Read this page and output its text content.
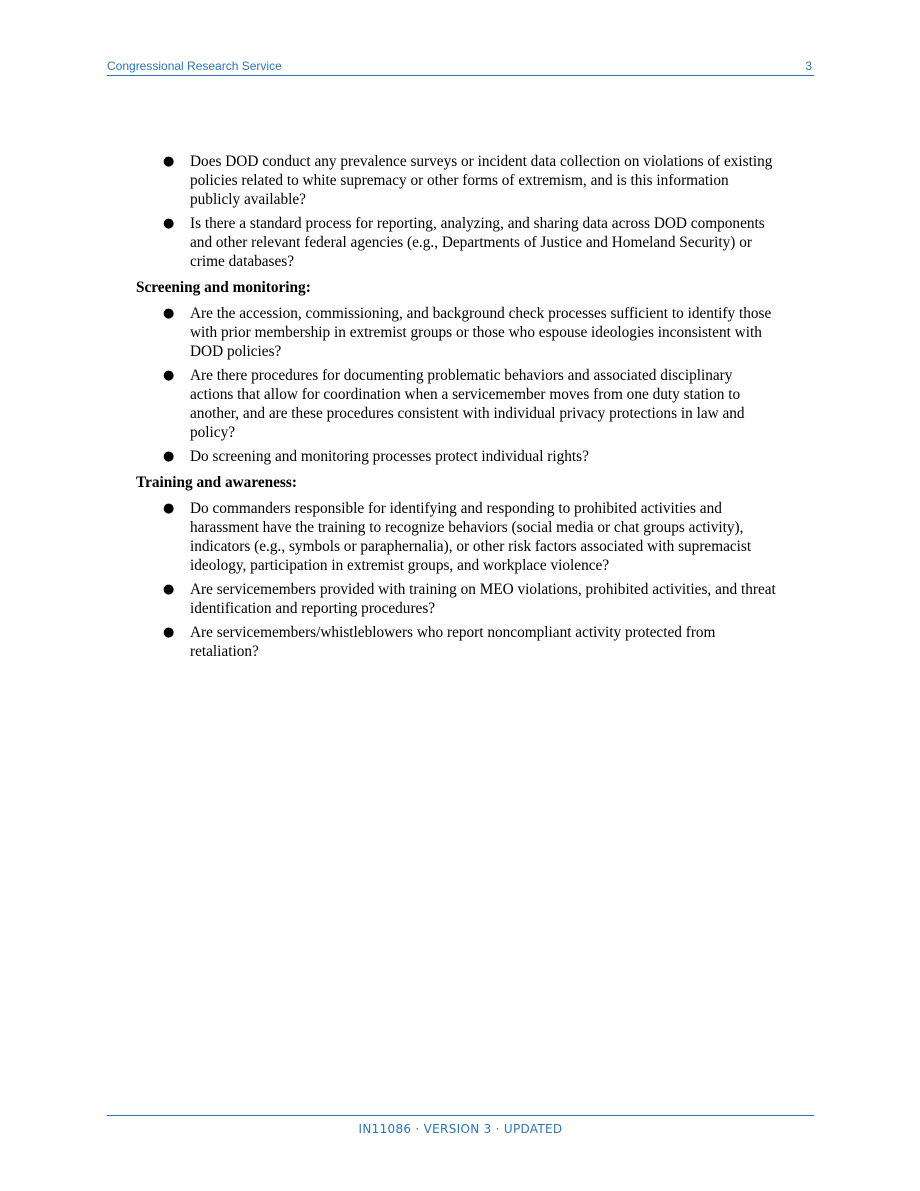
Congressional Research Service	3
● Does DOD conduct any prevalence surveys or incident data collection on violations of existing policies related to white supremacy or other forms of extremism, and is this information publicly available?
● Is there a standard process for reporting, analyzing, and sharing data across DOD components and other relevant federal agencies (e.g., Departments of Justice and Homeland Security) or crime databases?
Screening and monitoring:
● Are the accession, commissioning, and background check processes sufficient to identify those with prior membership in extremist groups or those who espouse ideologies inconsistent with DOD policies?
● Are there procedures for documenting problematic behaviors and associated disciplinary actions that allow for coordination when a servicemember moves from one duty station to another, and are these procedures consistent with individual privacy protections in law and policy?
● Do screening and monitoring processes protect individual rights?
Training and awareness:
● Do commanders responsible for identifying and responding to prohibited activities and harassment have the training to recognize behaviors (social media or chat groups activity), indicators (e.g., symbols or paraphernalia), or other risk factors associated with supremacist ideology, participation in extremist groups, and workplace violence?
● Are servicemembers provided with training on MEO violations, prohibited activities, and threat identification and reporting procedures?
● Are servicemembers/whistleblowers who report noncompliant activity protected from retaliation?
IN11086 · VERSION 3 · UPDATED
